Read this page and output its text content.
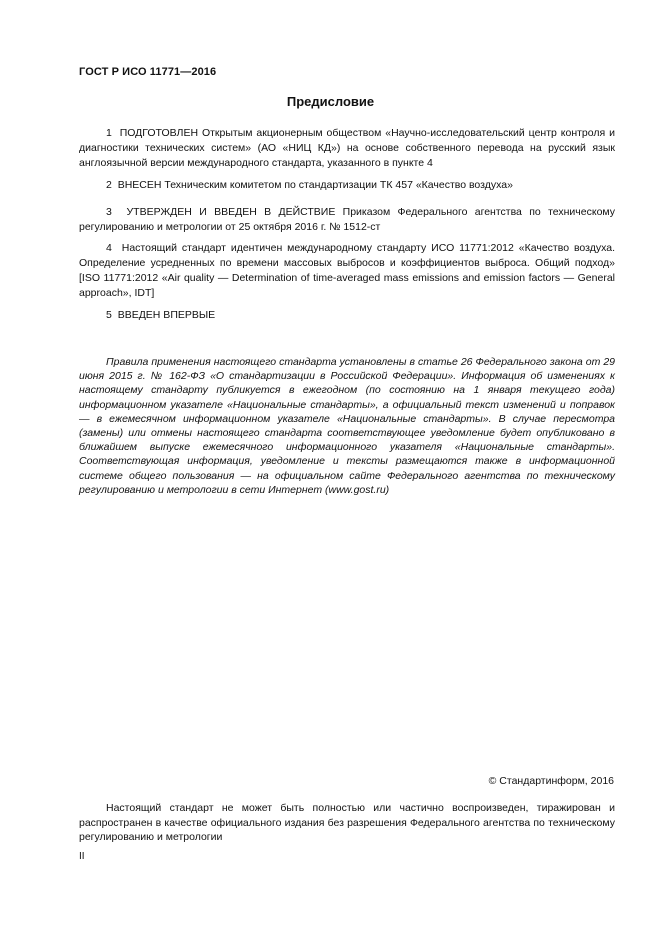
ГОСТ Р ИСО 11771—2016
Предисловие
1 ПОДГОТОВЛЕН Открытым акционерным обществом «Научно-исследовательский центр контроля и диагностики технических систем» (АО «НИЦ КД») на основе собственного перевода на русский язык англоязычной версии международного стандарта, указанного в пункте 4
2 ВНЕСЕН Техническим комитетом по стандартизации ТК 457 «Качество воздуха»
3 УТВЕРЖДЕН И ВВЕДЕН В ДЕЙСТВИЕ Приказом Федерального агентства по техническому регулированию и метрологии от 25 октября 2016 г. № 1512-ст
4 Настоящий стандарт идентичен международному стандарту ИСО 11771:2012 «Качество воздуха. Определение усредненных по времени массовых выбросов и коэффициентов выброса. Общий подход» [ISO 11771:2012 «Air quality — Determination of time-averaged mass emissions and emission factors — General approach», IDT]
5 ВВЕДЕН ВПЕРВЫЕ
Правила применения настоящего стандарта установлены в статье 26 Федерального закона от 29 июня 2015 г. № 162-ФЗ «О стандартизации в Российской Федерации». Информация об изменениях к настоящему стандарту публикуется в ежегодном (по состоянию на 1 января текущего года) информационном указателе «Национальные стандарты», а официальный текст изменений и поправок — в ежемесячном информационном указателе «Национальные стандарты». В случае пересмотра (замены) или отмены настоящего стандарта соответствующее уведомление будет опубликовано в ближайшем выпуске ежемесячного информационного указателя «Национальные стандарты». Соответствующая информация, уведомление и тексты размещаются также в информационной системе общего пользования — на официальном сайте Федерального агентства по техническому регулированию и метрологии в сети Интернет (www.gost.ru)
© Стандартинформ, 2016
Настоящий стандарт не может быть полностью или частично воспроизведен, тиражирован и распространен в качестве официального издания без разрешения Федерального агентства по техническому регулированию и метрологии
II
